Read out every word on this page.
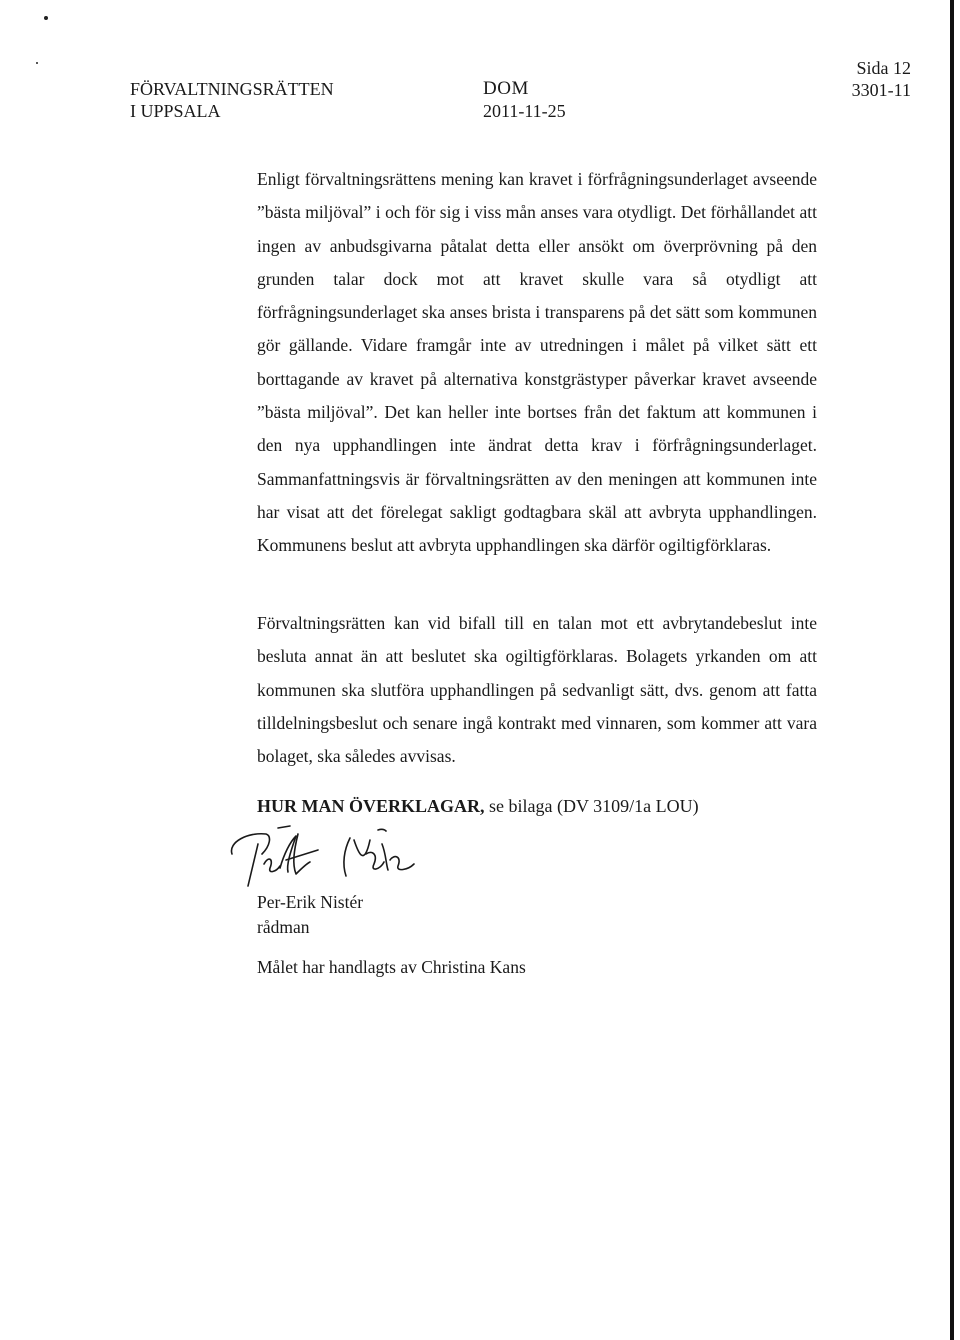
FÖRVALTNINGSRÄTTEN
I UPPSALA
DOM
2011-11-25
Sida 12
3301-11
Enligt förvaltningsrättens mening kan kravet i förfrågningsunderlaget avseende ”bästa miljöval” i och för sig i viss mån anses vara otydligt. Det förhållandet att ingen av anbudsgivarna påtalat detta eller ansökt om överprövning på den grunden talar dock mot att kravet skulle vara så otydligt att förfrågningsunderlaget ska anses brista i transparens på det sätt som kommunen gör gällande. Vidare framgår inte av utredningen i målet på vilket sätt ett borttagande av kravet på alternativa konstgrästyper påverkar kravet avseende ”bästa miljöval”. Det kan heller inte bortses från det faktum att kommunen i den nya upphandlingen inte ändrat detta krav i förfrågningsunderlaget. Sammanfattningsvis är förvaltningsrätten av den meningen att kommunen inte har visat att det förelegat sakligt godtagbara skäl att avbryta upphandlingen. Kommunens beslut att avbryta upphandlingen ska därför ogiltigförklaras.
Förvaltningsrätten kan vid bifall till en talan mot ett avbrytandebeslut inte besluta annat än att beslutet ska ogiltigförklaras. Bolagets yrkanden om att kommunen ska slutföra upphandlingen på sedvanligt sätt, dvs. genom att fatta tilldelningsbeslut och senare ingå kontrakt med vinnaren, som kommer att vara bolaget, ska således avvisas.
HUR MAN ÖVERKLAGAR, se bilaga (DV 3109/1a LOU)
Per-Erik Nistér
rådman
Målet har handlagts av Christina Kans
